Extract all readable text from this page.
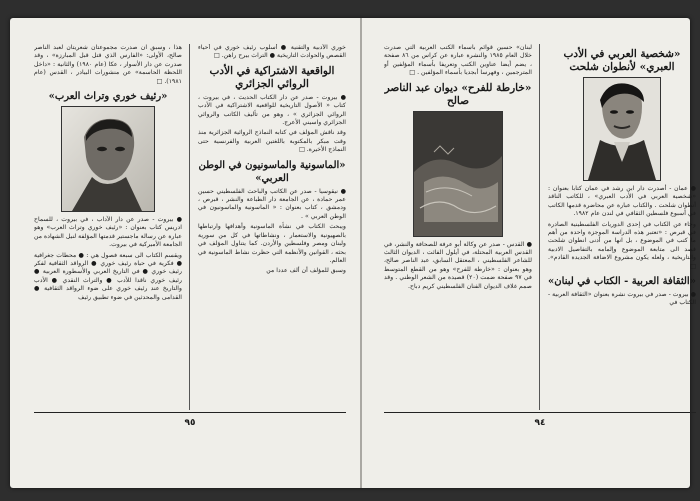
خوري الأدبية والتقنية ● أسلوب رئيف خوري في أحياء القصص والحوادث التاريخية ● التراث بيرح راهن. □

الواقعية الاشتراكية في الأدب الروائي الجزائري

● بيروت - صدر عن دار الكتاب الحديث ، في بيروت ، كتاب « الأصول التاريخية للواقعية الاشتراكية في الأدب الروائي الجزائري » ، وهو من تأليف الكاتب والروائي الجزائري واسيني الأعرج.

وقد ناقش المؤلف في كتابه النماذج الروائية الجزائرية منذ وقت مبكر بالمكتوبة باللغتين العربية والفرنسية حتى النماذج الأخيرة. □

«الماسونية والماسونيون في الوطن العربي»

● نيقوسيا - صدر عن الكاتب والباحث الفلسطيني حسين عمر حمادة ، عن الجامعة دار الطباعة والنشر ، قبرص ، ودمشق ، كتاب بعنوان : « الماسونية والماسونيون في الوطن العربي » .

ويبحث الكتاب في نشأة الماسونية وأهدافها وارتباطها بالصهيونية والاستعمار ، ونشاطاتها في كل من سورية ولبنان ومصر وفلسطين والأردن. كما يتناول المؤلف في بحثه ، القوانين والأنظمة التي حظرت نشاط الماسونية في العالم.

وسبق للمؤلف أن ألف عددا من

هذا ، وسبق ان صدرت مجموعتان شعريتان لعبد الناصر صالح، الأولى: «الفارس الذي قتل قبل المبارزة» ، وقد صدرت عن دار الأسوار ، عكا (عام ١٩٨٠) والثانية : «داخل اللحظة الحاسمة» عن منشورات البيادر ، القدس (عام ١٩٨١). □

«رئيف خوري وتراث العرب»

● بيروت - صدر عن دار الآداب ، في بيروت ، للسماح ادريس كتاب بعنوان : «رئيف خوري وتراث العرب» وهو عبارة عن رسالة ماجستير قدمتها المؤلفة لنيل الشهادة من الجامعة الأميركية في بيروت.

ويقسم الكتاب الى سبعة فصول هي : ● محطات جغرافية ● فكرية في حياة رئيف خوري ● الرواقد الثقافية لفكر رئيف خوري ● في التاريخ العربي والأسطورة العربية ● رئيف خوري ناقدا للأدب ● والتراث النقدي ● الأدب والتاريخ عند رئيف خوري على ضوء الرواقد الثقافية ● القدامى والمحدثين في ضوء تطبيق رئيف

٩٥
«شخصية العربي في الأدب العبري» لأنطوان شلحت

● عمان - أصدرت دار ابن رشد في عمان كتابا بعنوان : «شخصية العربي في الأدب العبري» ، للكاتب الناقد أنطوان شلحت . والكتاب عبارة عن محاضرة قدمها الكاتب في أسبوع فلسطين الثقافي في لندن عام ١٩٨٢.

وجاء عن الكتاب في إحدى الدوريات الفلسطينية الصادرة في قبرص : «تعتبر هذه الدراسة الموجزة واحدة من أهم ما كتب في الموضوع ، بل انها من أدنى انطوان شلحت قصد الى متابعة الموضوع وإلمامه بالتفاصيل الادبية والتاريخية ، ولعله يكون مشروع الاضافة الجديدة القادم». □

«الثقافة العربية - الكتاب في لبنان»

● بيروت - صدر في بيروت نشرة بعنوان «الثقافة العربية - الكتاب في

لبنان» حسين قوائم بأسماء الكتب العربية التي صدرت خلال العام ١٩٨٥ والنشرة عبارة عن كراس من ٨٦ صفحة ، يضم أيضا عناوين الكتب وتعريفا بأسماء المؤلفين أو المترجمين ، وفهرسا أبجديا بأسماء المؤلفين . □

«خارطة للفرح» ديوان عبد الناصر صالح

● القدس - صدر عن وكالة أبو عرفة للصحافة والنشر، في القدس العربية المحتلة، في أيلول الفائت ، الديوان الثالث للشاعر الفلسطيني ، المعتقل السابق، عبد الناصر صالح، وهو بعنوان : «خارطة للفرح» وهو من القطع المتوسط في ٩٧ صفحة ضمت (٢٠) قصيدة من الشعر الوطني . وقد صمم غلاف الديوان الفنان الفلسطيني كريم دباح.

٩٤
